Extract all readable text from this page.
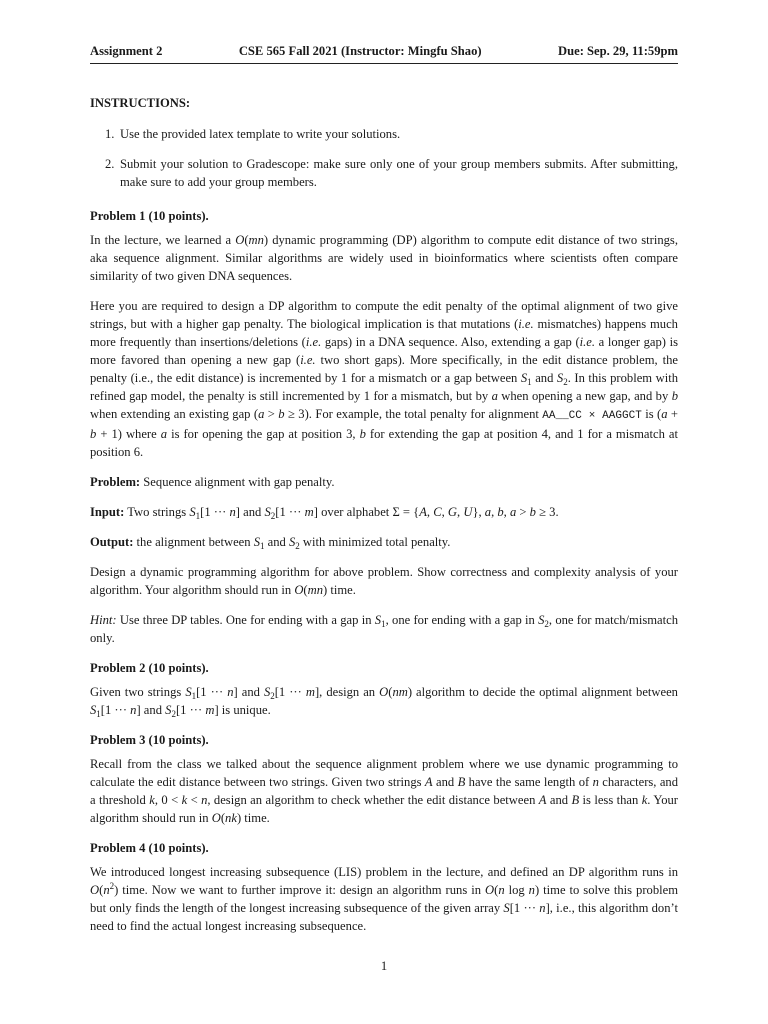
Assignment 2	CSE 565 Fall 2021 (Instructor: Mingfu Shao)	Due: Sep. 29, 11:59pm

INSTRUCTIONS:

1. Use the provided latex template to write your solutions.
2. Submit your solution to Gradescope: make sure only one of your group members submits. After submitting, make sure to add your group members.

Problem 1 (10 points).

In the lecture, we learned a O(mn) dynamic programming (DP) algorithm to compute edit distance of two strings, aka sequence alignment. Similar algorithms are widely used in bioinformatics where scientists often compare similarity of two given DNA sequences.

Here you are required to design a DP algorithm to compute the edit penalty of the optimal alignment of two give strings, but with a higher gap penalty. The biological implication is that mutations (i.e. mismatches) happens much more frequently than insertions/deletions (i.e. gaps) in a DNA sequence. Also, extending a gap (i.e. a longer gap) is more favored than opening a new gap (i.e. two short gaps). More specifically, in the edit distance problem, the penalty (i.e., the edit distance) is incremented by 1 for a mismatch or a gap between $S_1$ and $S_2$. In this problem with refined gap model, the penalty is still incremented by 1 for a mismatch, but by a when opening a new gap, and by b when extending an existing gap (a > b ≥ 3). For example, the total penalty for alignment AA__CC × AAGGCT is (a + b + 1) where a is for opening the gap at position 3, b for extending the gap at position 4, and 1 for a mismatch at position 6.

Problem: Sequence alignment with gap penalty.

Input: Two strings $S_1[1$ ··· n] and $S_2[1$ ··· m] over alphabet Σ = {A, C, G, U}, a, b, a > b ≥ 3.

Output: the alignment between $S_1$ and $S_2$ with minimized total penalty.

Design a dynamic programming algorithm for above problem. Show correctness and complexity analysis of your algorithm. Your algorithm should run in O(mn) time.

Hint: Use three DP tables. One for ending with a gap in $S_1$, one for ending with a gap in $S_2$, one for match/mismatch only.

Problem 2 (10 points).

Given two strings $S_1[1$ ··· n] and $S_2[1$ ··· m], design an O(nm) algorithm to decide the optimal alignment between $S_1[1$ ··· n] and $S_2[1$ ··· m] is unique.

Problem 3 (10 points).

Recall from the class we talked about the sequence alignment problem where we use dynamic programming to calculate the edit distance between two strings. Given two strings A and B have the same length of n characters, and a threshold k, 0 < k < n, design an algorithm to check whether the edit distance between A and B is less than k. Your algorithm should run in O(nk) time.

Problem 4 (10 points).

We introduced longest increasing subsequence (LIS) problem in the lecture, and defined an DP algorithm runs in $O(n^2)$ time. Now we want to further improve it: design an algorithm runs in O(n log n) time to solve this problem but only finds the length of the longest increasing subsequence of the given array S[1 ··· n], i.e., this algorithm don’t need to find the actual longest increasing subsequence.

1
